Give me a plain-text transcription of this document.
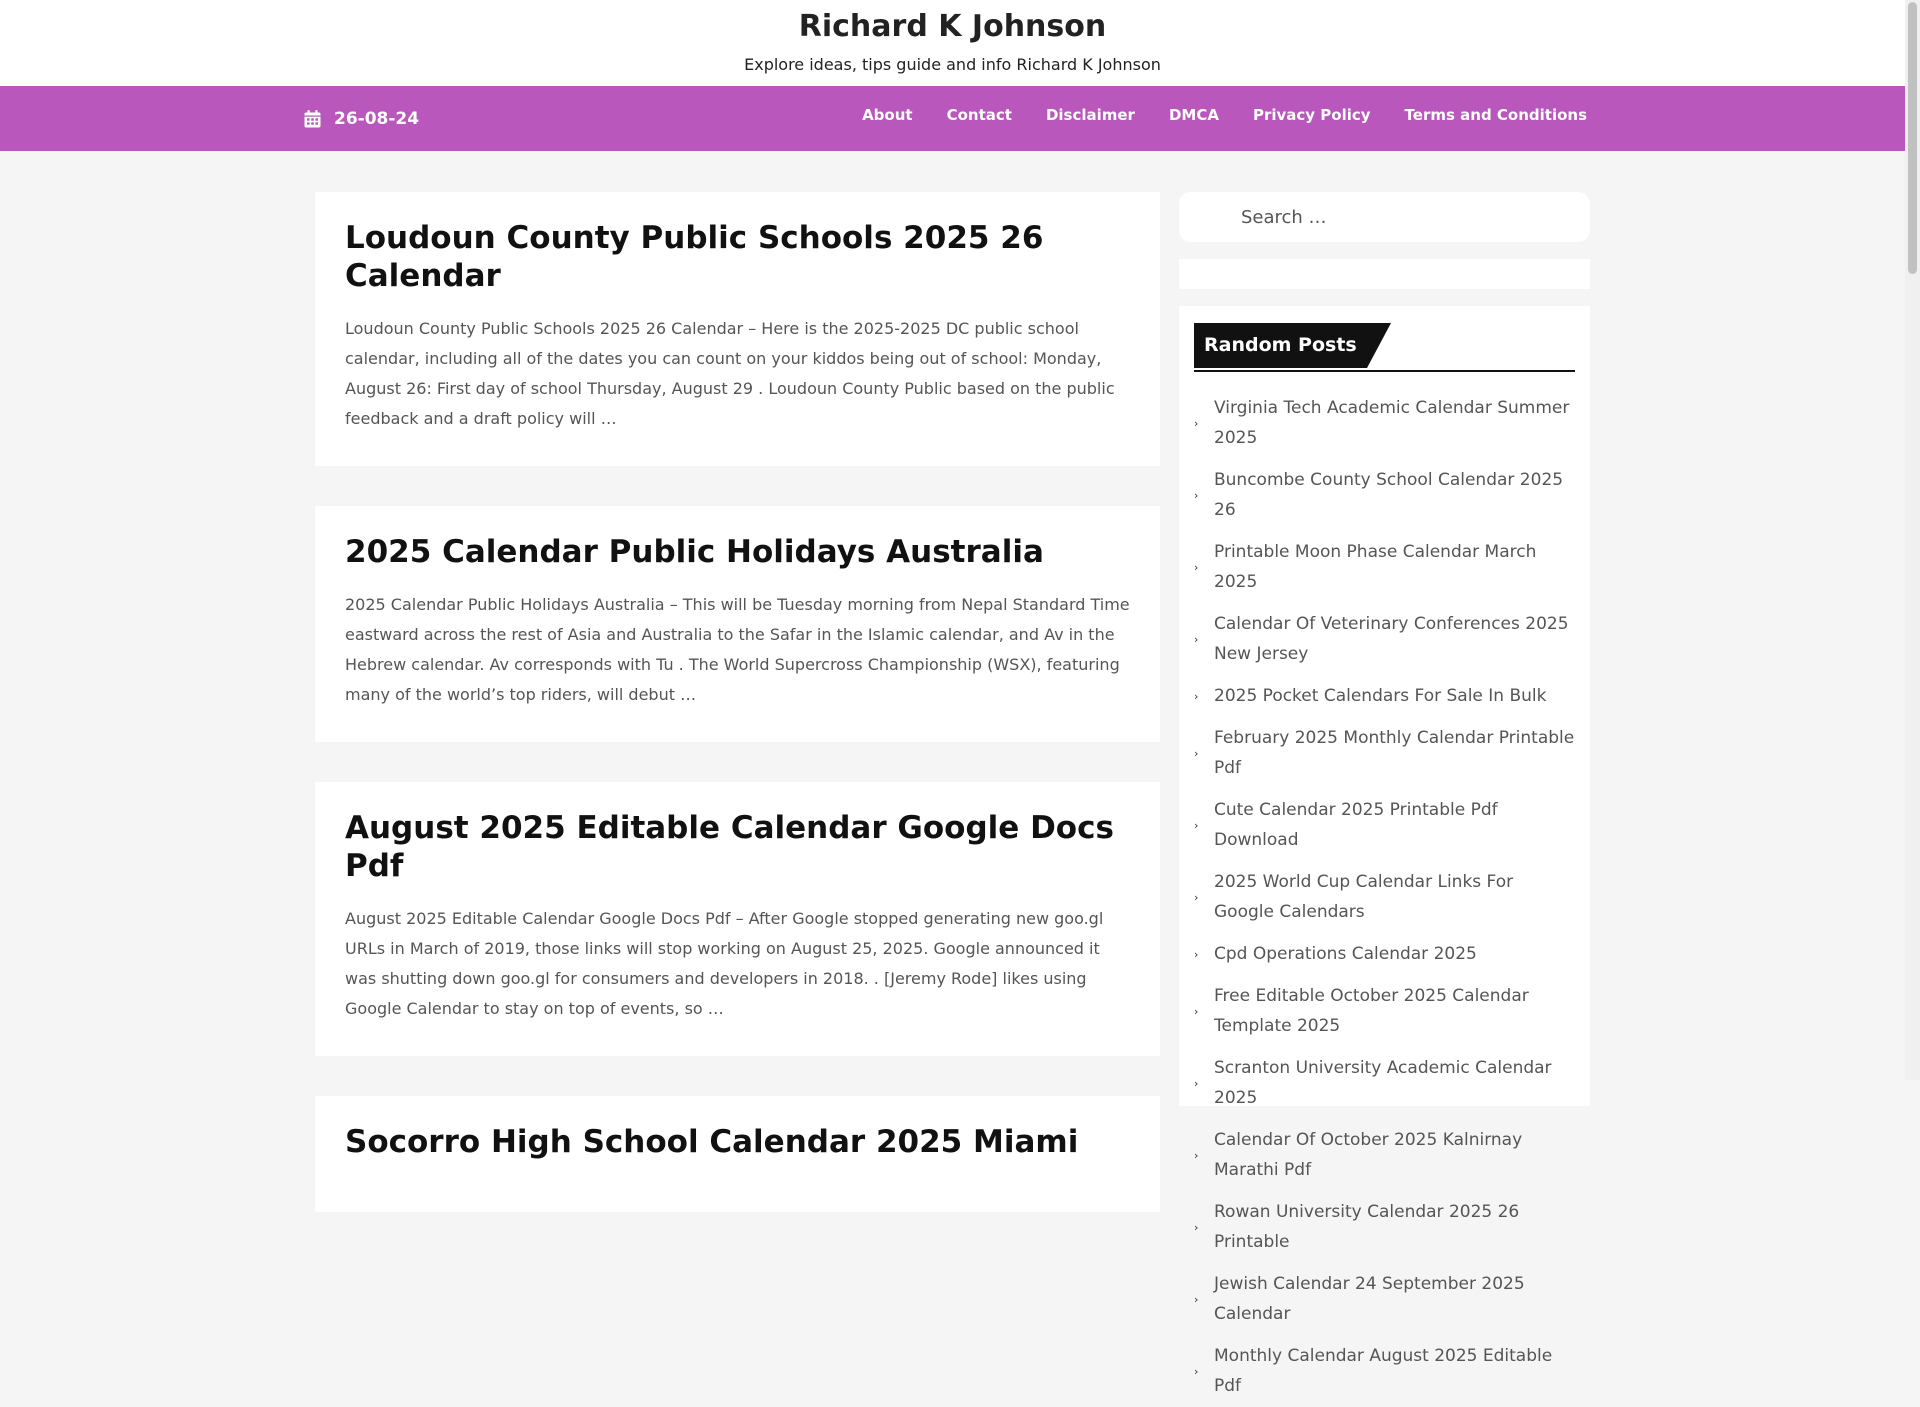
Richard K Johnson
Explore ideas, tips guide and info Richard K Johnson
26-08-24	About Contact Disclaimer DMCA Privacy Policy Terms and Conditions
Loudoun County Public Schools 2025 26 Calendar
Loudoun County Public Schools 2025 26 Calendar – Here is the 2025-2025 DC public school calendar, including all of the dates you can count on your kiddos being out of school: Monday, August 26: First day of school Thursday, August 29 . Loudoun County Public based on the public feedback and a draft policy will …
2025 Calendar Public Holidays Australia
2025 Calendar Public Holidays Australia – This will be Tuesday morning from Nepal Standard Time eastward across the rest of Asia and Australia to the Safar in the Islamic calendar, and Av in the Hebrew calendar. Av corresponds with Tu . The World Supercross Championship (WSX), featuring many of the world’s top riders, will debut …
August 2025 Editable Calendar Google Docs Pdf
August 2025 Editable Calendar Google Docs Pdf – After Google stopped generating new goo.gl URLs in March of 2019, those links will stop working on August 25, 2025. Google announced it was shutting down goo.gl for consumers and developers in 2018. . [Jeremy Rode] likes using Google Calendar to stay on top of events, so …
Socorro High School Calendar 2025 Miami
Search …
Random Posts
›
Virginia Tech Academic Calendar Summer 2025
›
Buncombe County School Calendar 2025 26
›
Printable Moon Phase Calendar March 2025
›
Calendar Of Veterinary Conferences 2025 New Jersey
› 2025 Pocket Calendars For Sale In Bulk
›
February 2025 Monthly Calendar Printable Pdf
›
Cute Calendar 2025 Printable Pdf Download
›
2025 World Cup Calendar Links For Google Calendars
› Cpd Operations Calendar 2025
›
Free Editable October 2025 Calendar Template 2025
›
Scranton University Academic Calendar 2025
›
Calendar Of October 2025 Kalnirnay Marathi Pdf
›
Rowan University Calendar 2025 26 Printable
›
Jewish Calendar 24 September 2025 Calendar
›
Monthly Calendar August 2025 Editable Pdf
